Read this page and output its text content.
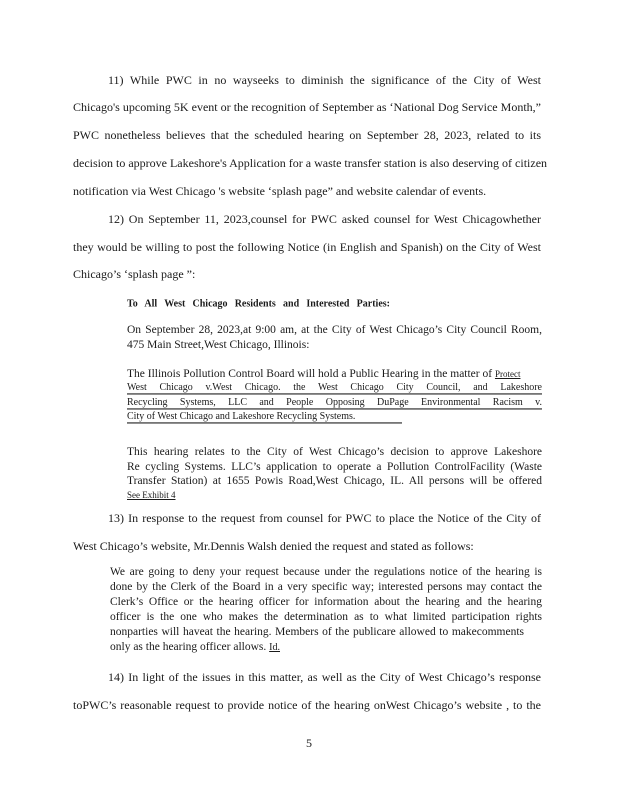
11) While PWC in no wayseeks to diminish the significance of the City of West
Chicago's upcoming 5K event or the recognition of September as ‘National Dog Service Month,”
PWC nonetheless believes that the scheduled hearing on September 28, 2023, related to its
decision to approve Lakeshore's Application for a waste transfer station is also deserving of citizen
notification via West Chicago 's website ‘splash page” and website calendar of events.
12) On September 11, 2023,counsel for PWC asked counsel for West Chicagowhether
they would be willing to post the following Notice (in English and Spanish) on the City of West
Chicago’s ‘splash page ”:
To All West Chicago Residents and Interested Parties:
On September 28, 2023,at 9:00 am, at the City of West Chicago’s City Council Room,
475 Main Street,West Chicago, Illinois:
The Illinois Pollution Control Board will hold a Public Hearing in the matter of Protect
West Chicago v.West Chicago. the West Chicago City Council, and Lakeshore
Recycling Systems, LLC and People Opposing DuPage Environmental Racism v.
City of West Chicago and Lakeshore Recycling Systems.
This hearing relates to the City of West Chicago’s decision to approve Lakeshore
Re cycling Systems. LLC’s application to operate a Pollution ControlFacility (Waste
Transfer Station) at 1655 Powis Road,West Chicago, IL. All persons will be offered
See Exhibit 4
13) In response to the request from counsel for PWC to place the Notice of the City of
West Chicago’s website, Mr.Dennis Walsh denied the request and stated as follows:
We are going to deny your request because under the regulations notice of the hearing is
done by the Clerk of the Board in a very specific way; interested persons may contact the
Clerk’s Office or the hearing officer for information about the hearing and the hearing
officer is the one who makes the determination as to what limited participation rights
nonparties will haveat the hearing. Members of the publicare allowed to makecomments
only as the hearing officer allows. Id.
14) In light of the issues in this matter, as well as the City of West Chicago’s response
toPWC’s reasonable request to provide notice of the hearing onWest Chicago’s website , to the
5
